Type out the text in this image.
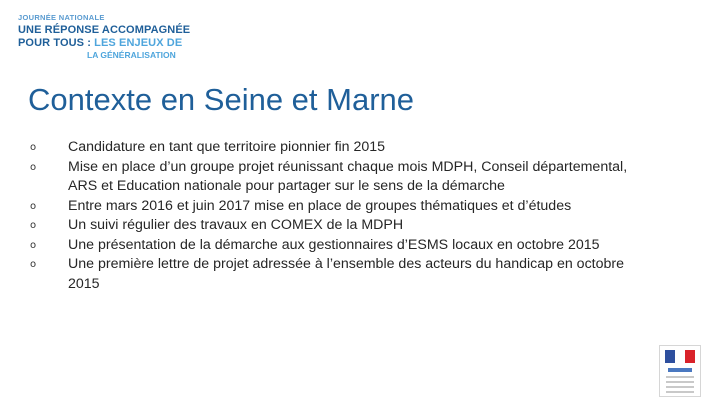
JOURNÉE NATIONALE
UNE RÉPONSE ACCOMPAGNÉE
POUR TOUS : LES ENJEUX DE
LA GÉNÉRALISATION
Contexte en Seine et Marne
o Candidature en tant que territoire pionnier fin 2015
o Mise en place d’un groupe projet réunissant chaque mois MDPH, Conseil départemental, ARS et Education nationale pour partager sur le sens de la démarche
o Entre mars 2016 et juin 2017 mise en place de groupes thématiques et d’études
o Un suivi régulier des travaux en COMEX de la MDPH
o Une présentation de la démarche aux gestionnaires d’ESMS locaux en octobre 2015
o Une première lettre de projet adressée à l’ensemble des acteurs du handicap en octobre 2015
